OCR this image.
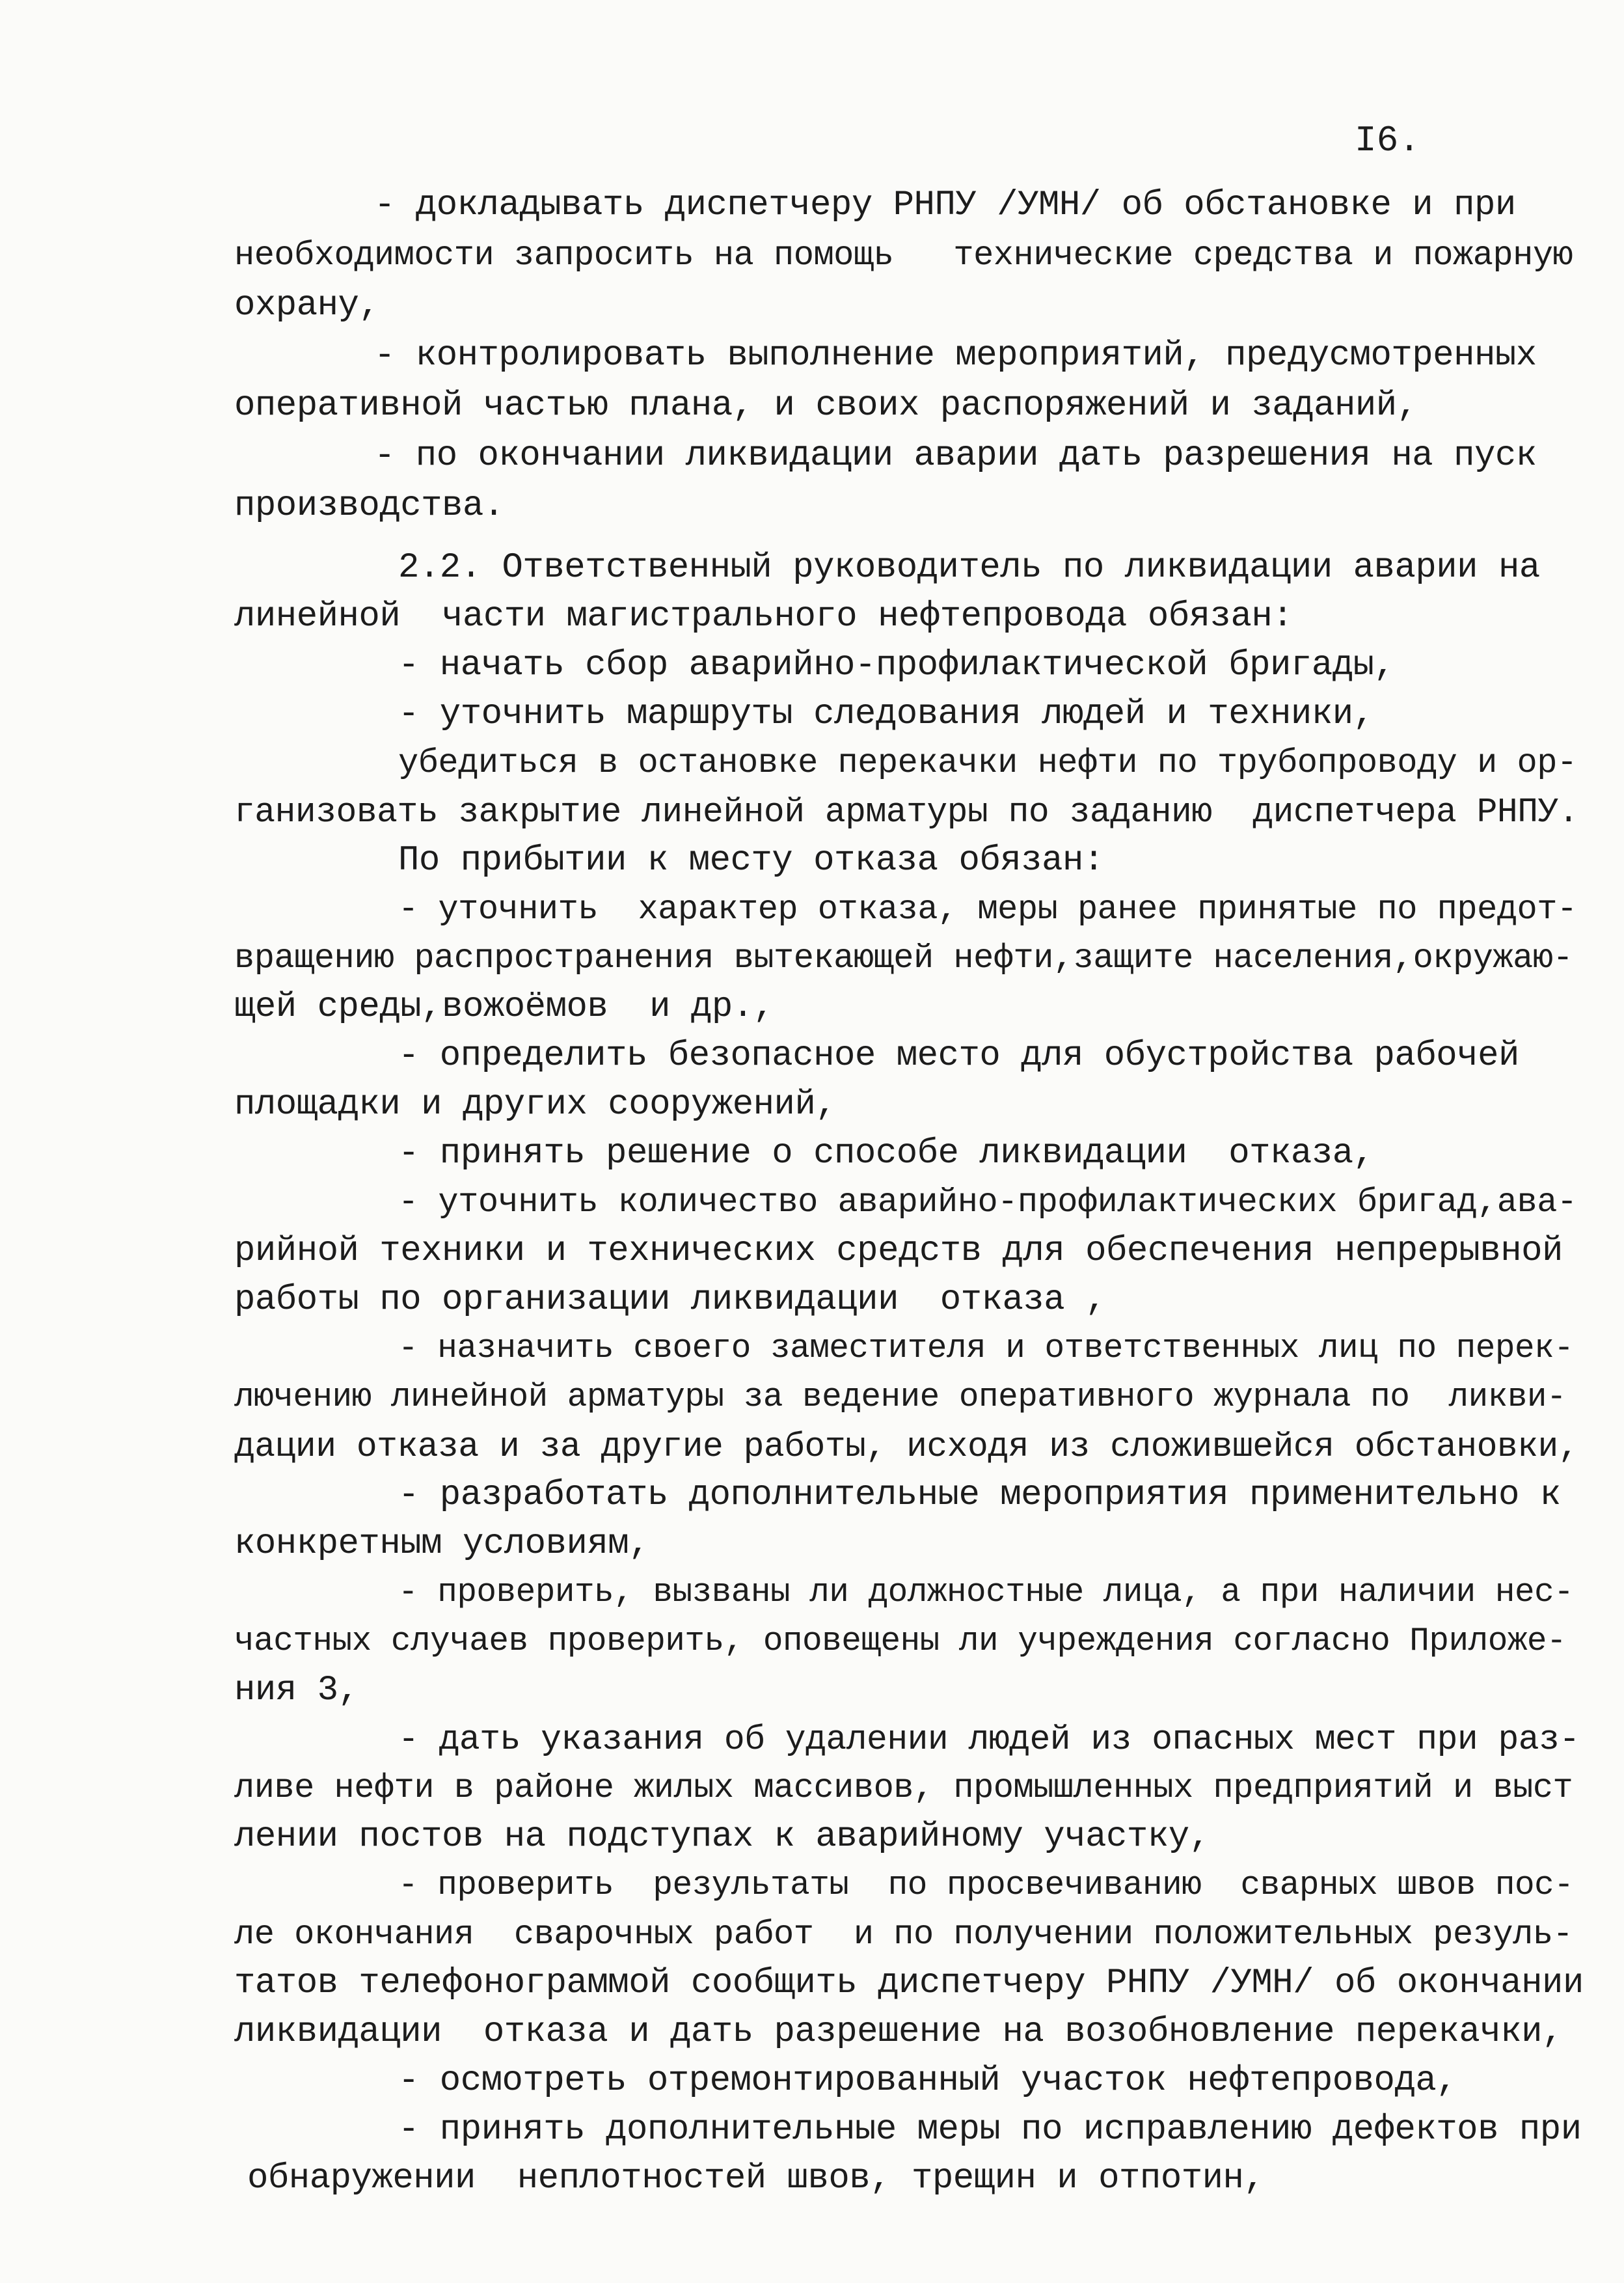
I6.
- докладывать диспетчеру РНПУ /УМН/ об обстановке и при
необходимости запросить на помощь   технические средства и пожарную
охрану,
- контролировать выполнение мероприятий, предусмотренных
оперативной частью плана, и своих распоряжений и заданий,
- по окончании ликвидации аварии дать разрешения на пуск
производства.
2.2. Ответственный руководитель по ликвидации аварии на
линейной  части магистрального нефтепровода обязан:
- начать сбор аварийно-профилактической бригады,
- уточнить маршруты следования людей и техники,
убедиться в остановке перекачки нефти по трубопроводу и ор-
ганизовать закрытие линейной арматуры по заданию  диспетчера РНПУ.
По прибытии к месту отказа обязан:
- уточнить  характер отказа, меры ранее принятые по предот-
вращению распространения вытекающей нефти,защите населения,окружаю-
щей среды,вожоёмов  и др.,
- определить безопасное место для обустройства рабочей
площадки и других сооружений,
- принять решение о способе ликвидации  отказа,
- уточнить количество аварийно-профилактических бригад,ава-
рийной техники и технических средств для обеспечения непрерывной
работы по организации ликвидации  отказа ,
- назначить своего заместителя и ответственных лиц по перек-
лючению линейной арматуры за ведение оперативного журнала по  ликви-
дации отказа и за другие работы, исходя из сложившейся обстановки,
- разработать дополнительные мероприятия применительно к
конкретным условиям,
- проверить, вызваны ли должностные лица, а при наличии нес-
частных случаев проверить, оповещены ли учреждения согласно Приложе-
ния 3,
- дать указания об удалении людей из опасных мест при раз-
ливе нефти в районе жилых массивов, промышленных предприятий и выст
лении постов на подступах к аварийному участку,
- проверить  результаты  по просвечиванию  сварных швов пос-
ле окончания  сварочных работ  и по получении положительных резуль-
татов телефонограммой сообщить диспетчеру РНПУ /УМН/ об окончании
ликвидации  отказа и дать разрешение на возобновление перекачки,
- осмотреть отремонтированный участок нефтепровода,
- принять дополнительные меры по исправлению дефектов при
обнаружении  неплотностей швов, трещин и отпотин,
